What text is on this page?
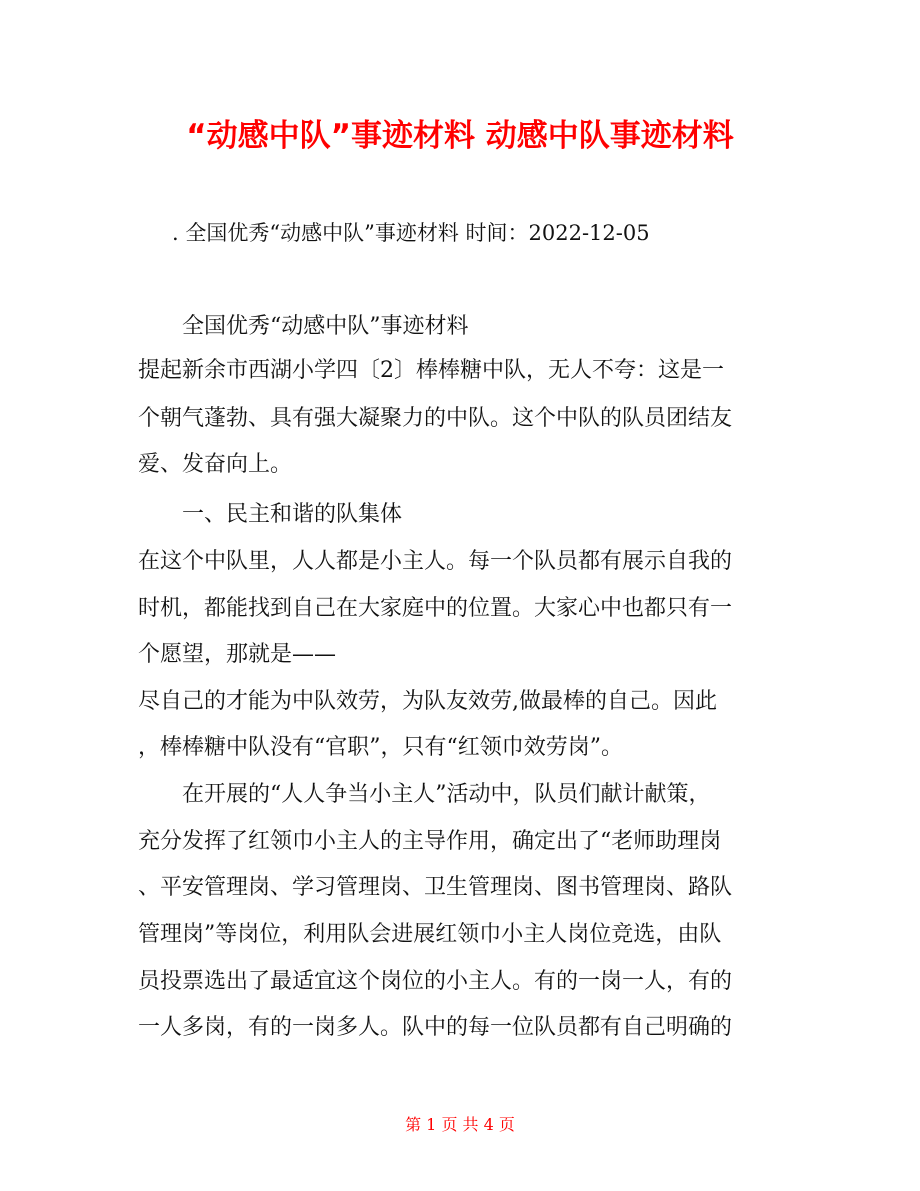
“动感中队”事迹材料 动感中队事迹材料
. 全国优秀“动感中队”事迹材料 时间：2022-12-05
全国优秀“动感中队”事迹材料
提起新余市西湖小学四〔2〕棒棒糖中队，无人不夸：这是一
个朝气蓬勃、具有强大凝聚力的中队。这个中队的队员团结友
爱、发奋向上。
一、民主和谐的队集体
在这个中队里，人人都是小主人。每一个队员都有展示自我的
时机，都能找到自己在大家庭中的位置。大家心中也都只有一
个愿望，那就是——
尽自己的才能为中队效劳，为队友效劳,做最棒的自己。因此
，棒棒糖中队没有“官职”，只有“红领巾效劳岗”。
在开展的“人人争当小主人”活动中，队员们献计献策，
充分发挥了红领巾小主人的主导作用，确定出了“老师助理岗
、平安管理岗、学习管理岗、卫生管理岗、图书管理岗、路队
管理岗”等岗位，利用队会进展红领巾小主人岗位竞选，由队
员投票选出了最适宜这个岗位的小主人。有的一岗一人，有的
一人多岗，有的一岗多人。队中的每一位队员都有自己明确的
第 1 页 共 4 页
